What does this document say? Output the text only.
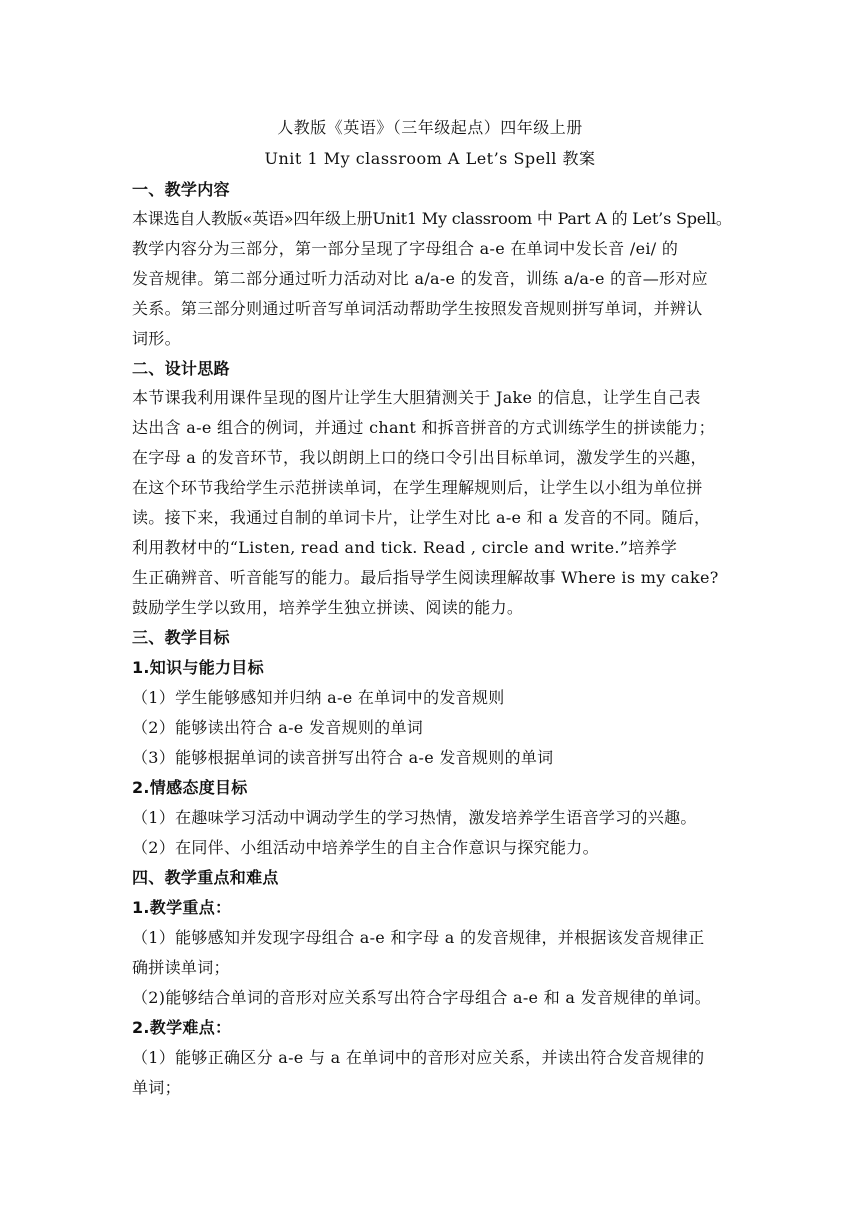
人教版《英语》（三年级起点）四年级上册
Unit 1 My classroom A Let’s Spell 教案
一、教学内容
本课选自人教版«英语»四年级上册Unit1 My classroom 中 Part A 的 Let’s Spell。
教学内容分为三部分，第一部分呈现了字母组合 a-e 在单词中发长音 /ei/ 的
发音规律。第二部分通过听力活动对比 a/a-e 的发音，训练 a/a-e 的音—形对应
关系。第三部分则通过听音写单词活动帮助学生按照发音规则拼写单词，并辨认
词形。
二、设计思路
本节课我利用课件呈现的图片让学生大胆猜测关于 Jake 的信息，让学生自己表
达出含 a-e 组合的例词，并通过 chant 和拆音拼音的方式训练学生的拼读能力；
在字母 a 的发音环节，我以朗朗上口的绕口令引出目标单词，激发学生的兴趣，
在这个环节我给学生示范拼读单词，在学生理解规则后，让学生以小组为单位拼
读。接下来，我通过自制的单词卡片，让学生对比 a-e 和 a 发音的不同。随后，
利用教材中的“Listen, read and tick. Read , circle and write.”培养学
生正确辨音、听音能写的能力。最后指导学生阅读理解故事 Where is my cake?
鼓励学生学以致用，培养学生独立拼读、阅读的能力。
三、教学目标
1.知识与能力目标
（1）学生能够感知并归纳 a-e 在单词中的发音规则
（2）能够读出符合 a-e 发音规则的单词
（3）能够根据单词的读音拼写出符合 a-e 发音规则的单词
2.情感态度目标
（1）在趣味学习活动中调动学生的学习热情，激发培养学生语音学习的兴趣。
（2）在同伴、小组活动中培养学生的自主合作意识与探究能力。
四、教学重点和难点
1.教学重点：
（1）能够感知并发现字母组合 a-e 和字母 a 的发音规律，并根据该发音规律正
确拼读单词；
（2)能够结合单词的音形对应关系写出符合字母组合 a-e 和 a 发音规律的单词。
2.教学难点：
（1）能够正确区分 a-e 与 a 在单词中的音形对应关系，并读出符合发音规律的
单词；
